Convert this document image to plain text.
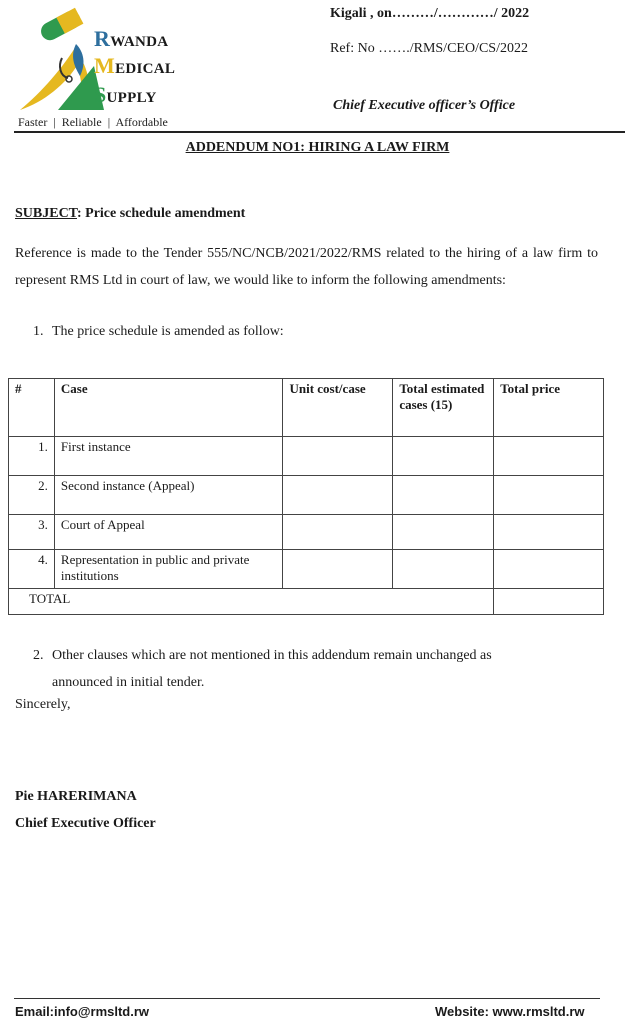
RWANDA
MEDICAL
SUPPLY
Faster  |  Reliable  |  Affordable
Kigali , on………/…………/ 2022
Ref: No ……./RMS/CEO/CS/2022
Chief Executive officer’s Office
ADDENDUM NO1: HIRING A LAW FIRM
SUBJECT: Price schedule amendment
Reference is made to the Tender 555/NC/NCB/2021/2022/RMS related to the hiring of a law firm to represent RMS Ltd in court of law, we would like to inform the following amendments:
1. The price schedule is amended as follow:
#	Case	Unit cost/case	Total estimated cases (15)	Total price
1.	First instance			
2.	Second instance (Appeal)			
3.	Court of Appeal			
4.	Representation in public and private institutions			
TOTAL				
2. Other clauses which are not mentioned in this addendum remain unchanged as announced in initial tender.
Sincerely,
Pie HARERIMANA
Chief Executive Officer
Email:info@rmsltd.rw	Website: www.rmsltd.rw
